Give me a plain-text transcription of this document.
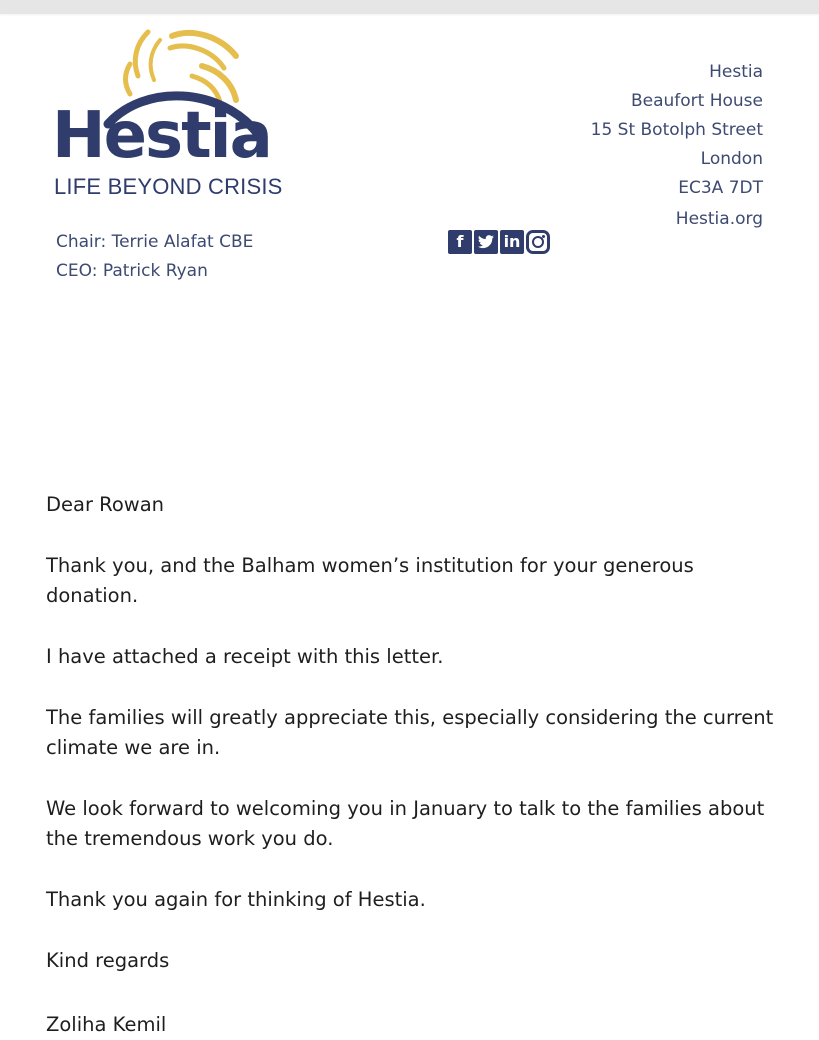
Hestia
LIFE BEYOND CRISIS
Chair: Terrie Alafat CBE
CEO: Patrick Ryan
f	in
Hestia
Beaufort House
15 St Botolph Street
London
EC3A 7DT
Hestia.org

Dear Rowan

Thank you, and the Balham women’s institution for your generous donation.

I have attached a receipt with this letter.

The families will greatly appreciate this, especially considering the current climate we are in.

We look forward to welcoming you in January to talk to the families about the tremendous work you do.

Thank you again for thinking of Hestia.

Kind regards

Zoliha Kemil
